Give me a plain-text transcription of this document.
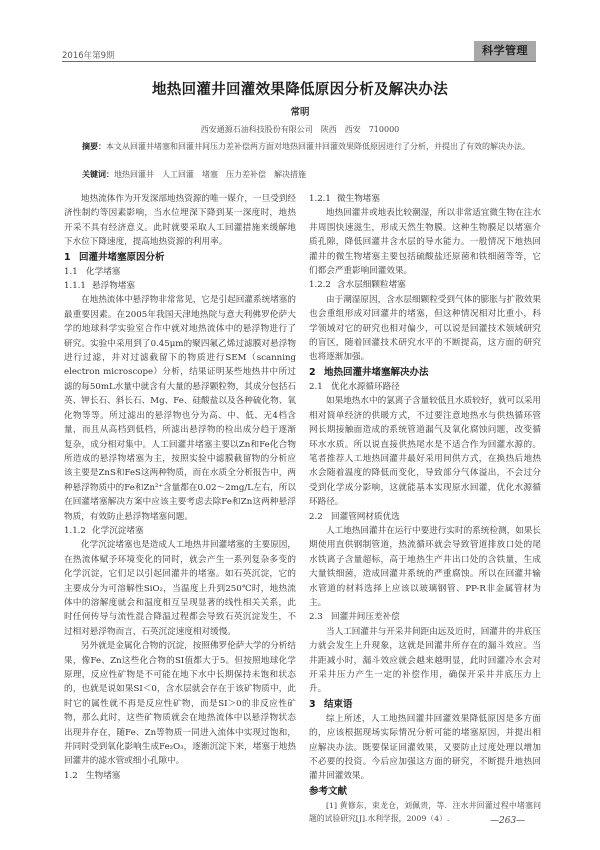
2016年第9期	科学管理
地热回灌井回灌效果降低原因分析及解决办法
常明
西安通源石油科技股份有限公司　陕西　西安　710000
摘要：本文从回灌井堵塞和回灌井间压力差补偿两方面对地热回灌井回灌效果降低原因进行了分析，并提出了有效的解决办法。
关键词：地热回灌井　人工回灌　堵塞　压力差补偿　解决措施

地热流体作为开发深部地热资源的唯一媒介，一旦受到经济性制约等因素影响，当水位埋深下降到某一深度时，地热开采不具有经济意义。此时就要采取人工回灌措施来缓解地下水位下降速度，提高地热资源的利用率。

1 回灌井堵塞原因分析

1.1 化学堵塞

1.1.1 悬浮物堵塞

在地热流体中悬浮物非常常见，它是引起回灌系统堵塞的最重要因素。在2005年我国天津地热院与意大利佛罗伦萨大学的地球科学实验室合作中就对地热流体中的悬浮物进行了研究。实验中采用到了0.45μm的聚四氟乙烯过滤膜对悬浮物进行过滤，并对过滤截留下的物质进行SEM（scanning electron microscope）分析，结果证明某些地热井中所过滤的每50mL水量中就含有大量的悬浮颗粒物，其成分包括石英、钾长石、斜长石、Mg、Fe、硅酸盐以及各种硫化物、氧化物等等。所过滤出的悬浮物也分为高、中、低、无4档含量，而且从高档到低档，所滤出悬浮物的检出成分趋于逐渐复杂，成分相对集中。人工回灌井堵塞主要以Zn和Fe化合物所造成的悬浮物堵塞为主，按照实验中滤膜截留物的分析应该主要是ZnS和FeS这两种物质，而在水质全分析报告中，两种悬浮物质中的Fe和Zn²⁺含量都在0.02～2mg/L左右，所以在回灌堵塞解决方案中应该主要考虑去除Fe和Zn这两种悬浮物质，有效防止悬浮物堵塞问题。

1.1.2 化学沉淀堵塞

化学沉淀堵塞也是造成人工地热井回灌堵塞的主要原因，在热流体赋予环境变化的同时，就会产生一系列复杂多变的化学沉淀，它们足以引起回灌井的堵塞。如石英沉淀，它的主要成分为可溶解性SiO₂，当温度上升到250℃时，地热流体中的溶解度就会和温度相互呈现显著的线性相关关系，此时任何传导与流性混合降温过程都会导致石英沉淀发生，不过相对悬浮物而言，石英沉淀速度相对缓慢。

另外就是金属化合物的沉淀，按照佛罗伦萨大学的分析结果，像Fe、Zn这些化合物的SI值都大于5。但按照地球化学原理，反应性矿物是不可能在地下水中长期保持未饱和状态的，也就是说如果SI＜0，含水层就会存在于该矿物质中，此时它的属性就不再是反应性矿物，而是SI＞0的非反应性矿物，那么此时，这些矿物质就会在地热流体中以悬浮物状态出现并存在，随Fe、Zn等物质一同进入流体中实现过饱和，并同时受到氧化影响生成Fe₂O₃，逐渐沉淀下来，堵塞于地热回灌井的滤水管或细小孔隙中。

1.2 生物堵塞

1.2.1 微生物堵塞

地热回灌井或地表比较潮湿，所以非常适宜微生物在注水井周围快速滋生，形成天然生物膜。这种生物膜足以堵塞介质孔隙，降低回灌井含水层的导水能力。一般情况下地热回灌井的微生物堵塞主要包括硫酸盐还原菌和铁细菌等等，它们都会严重影响回灌效果。

1.2.2 含水层细颗粒堵塞

由于潮湿原因，含水层细颗粒受到气体的膨胀与扩散效果也会重组形成对回灌井的堵塞，但这种情况相对比重小，科学领域对它的研究也相对偏少，可以说是回灌技术领域研究的盲区，随着回灌技术研究水平的不断提高，这方面的研究也将逐渐加强。

2 地热回灌井堵塞解决办法

2.1 优化水源循环路径

如果地热水中的氯离子含量较低且水质较好，就可以采用相对简单经济的供暖方式，不过要注意地热水与供热循环管网长期接触面造成的系统管道漏气及氧化腐蚀问题，改变循环水水质。所以说直接供热尾水是不适合作为回灌水源的。笔者推荐人工地热回灌井最好采用间供方式，在换热后地热水会随着温度的降低而变化，导致部分气体溢出，不会过分受到化学成分影响，这就能基本实现原水回灌，优化水源循环路径。

2.2 回灌管网材质优选

人工地热回灌井在运行中要进行实时的系统检测，如果长期使用直供钢制管道，热流循环就会导致管道排放口处的尾水铁离子含量超标，高于地热生产井出口处的含铁量，生成大量铁细菌，造成回灌井系统的严重腐蚀。所以在回灌井输水管道的材料选择上应该以玻璃钢管、PP-R非金属管材为主。

2.3 回灌井间压差补偿

当人工回灌井与开采井间距由远及近时，回灌井的井底压力就会发生上升现象，这就是回灌井所存在的漏斗效应。当井距减小时，漏斗效应就会越来越明显，此时回灌冷水会对开采井压力产生一定的补偿作用，确保开采井井底压力上升。

3 结束语

综上所述，人工地热回灌井回灌效果降低原因是多方面的，应该根据现场实际情况分析可能的堵塞原因，并提出相应解决办法。既要保证回灌效果，又要防止过度处理以增加不必要的投资。今后应加强这方面的研究，不断提升地热回灌井回灌效果。

参考文献

[1] 黄修东，束龙仓，刘佩贵，等．注水井回灌过程中堵塞问题的试验研究[J].水利学报，2009（4）.	—263—
